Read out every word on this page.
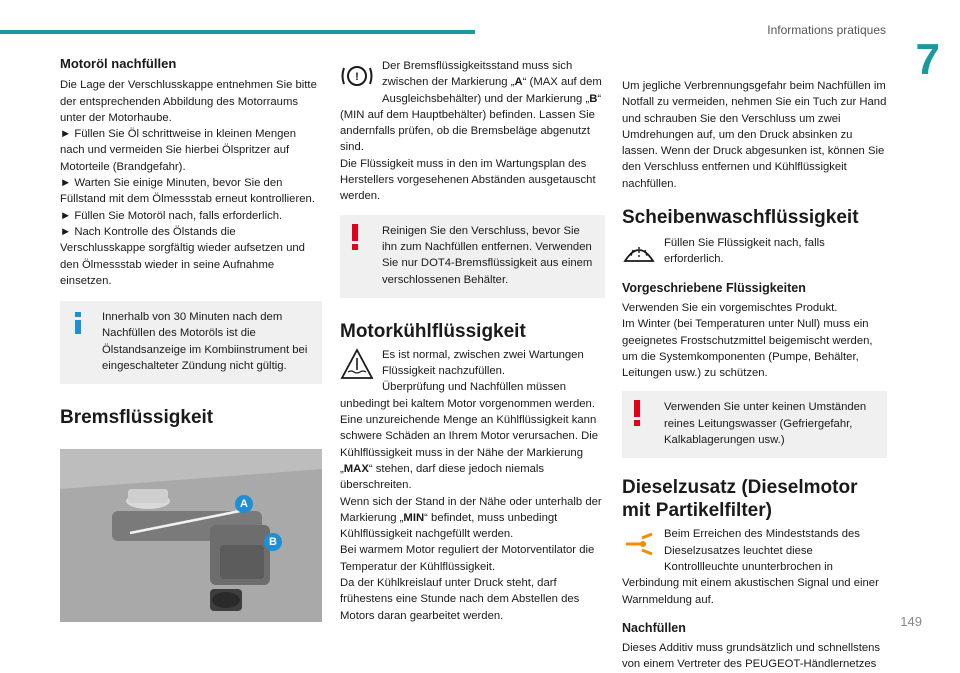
Informations pratiques
7
149
Motoröl nachfüllen

Die Lage der Verschlusskappe entnehmen Sie bitte der entsprechenden Abbildung des Motorraums unter der Motorhaube.

► Füllen Sie Öl schrittweise in kleinen Mengen nach und vermeiden Sie hierbei Ölspritzer auf Motorteile (Brandgefahr).

► Warten Sie einige Minuten, bevor Sie den Füllstand mit dem Ölmessstab erneut kontrollieren.

► Füllen Sie Motoröl nach, falls erforderlich.

► Nach Kontrolle des Ölstands die Verschlusskappe sorgfältig wieder aufsetzen und den Ölmessstab wieder in seine Aufnahme einsetzen.

Innerhalb von 30 Minuten nach dem Nachfüllen des Motoröls ist die Ölstandsanzeige im Kombiinstrument bei eingeschalteter Zündung nicht gültig.

Bremsflüssigkeit
A
B
!

Der Bremsflüssigkeitsstand muss sich zwischen der Markierung „A“ (MAX auf dem Ausgleichsbehälter) und der Markierung „B“ (MIN auf dem Hauptbehälter) befinden. Lassen Sie andernfalls prüfen, ob die Bremsbeläge abgenutzt sind.

Die Flüssigkeit muss in den im Wartungsplan des Herstellers vorgesehenen Abständen ausgetauscht werden.

Reinigen Sie den Verschluss, bevor Sie ihn zum Nachfüllen entfernen. Verwenden Sie nur DOT4-Bremsflüssigkeit aus einem verschlossenen Behälter.

Motorkühlflüssigkeit

Es ist normal, zwischen zwei Wartungen Flüssigkeit nachzufüllen.

Überprüfung und Nachfüllen müssen unbedingt bei kaltem Motor vorgenommen werden.

Eine unzureichende Menge an Kühlflüssigkeit kann schwere Schäden an Ihrem Motor verursachen. Die Kühlflüssigkeit muss in der Nähe der Markierung „MAX“ stehen, darf diese jedoch niemals überschreiten.

Wenn sich der Stand in der Nähe oder unterhalb der Markierung „MIN“ befindet, muss unbedingt Kühlflüssigkeit nachgefüllt werden.

Bei warmem Motor reguliert der Motorventilator die Temperatur der Kühlflüssigkeit.

Da der Kühlkreislauf unter Druck steht, darf frühestens eine Stunde nach dem Abstellen des Motors daran gearbeitet werden.

Um jegliche Verbrennungsgefahr beim Nachfüllen im Notfall zu vermeiden, nehmen Sie ein Tuch zur Hand und schrauben Sie den Verschluss um zwei Umdrehungen auf, um den Druck absinken zu lassen. Wenn der Druck abgesunken ist, können Sie den Verschluss entfernen und Kühlflüssigkeit nachfüllen.

Scheibenwaschflüssigkeit

Füllen Sie Flüssigkeit nach, falls erforderlich.

Vorgeschriebene Flüssigkeiten

Verwenden Sie ein vorgemischtes Produkt.

Im Winter (bei Temperaturen unter Null) muss ein geeignetes Frostschutzmittel beigemischt werden, um die Systemkomponenten (Pumpe, Behälter, Leitungen usw.) zu schützen.

Verwenden Sie unter keinen Umständen reines Leitungswasser (Gefriergefahr, Kalkablagerungen usw.)

Dieselzusatz (Dieselmotor mit Partikelfilter)

Beim Erreichen des Mindeststands des Dieselzusatzes leuchtet diese Kontrollleuchte ununterbrochen in Verbindung mit einem akustischen Signal und einer Warnmeldung auf.

Nachfüllen

Dieses Additiv muss grundsätzlich und schnellstens von einem Vertreter des PEUGEOT-Händlernetzes
